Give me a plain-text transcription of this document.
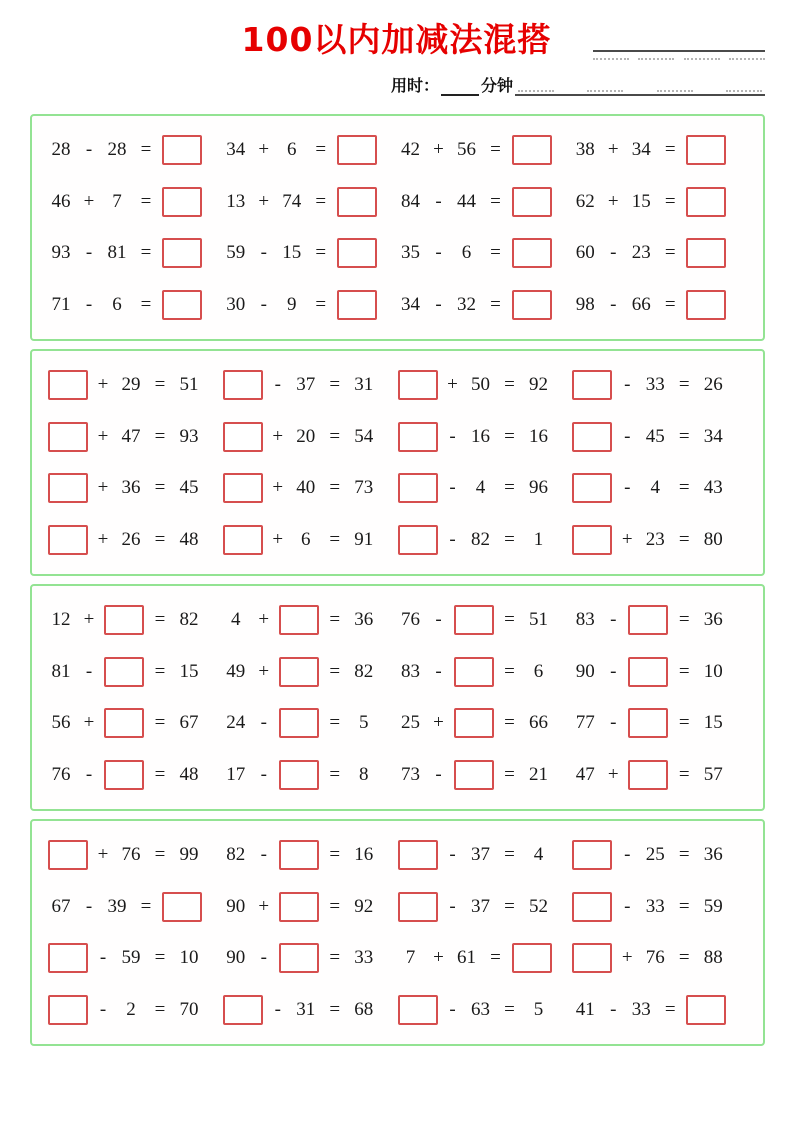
100以内加减法混搭
用时：	分钟
28 - 28 =	34 + 6 =	42 + 56 =	38 + 34 =
46 + 7 =	13 + 74 =	84 - 44 =	62 + 15 =
93 - 81 =	59 - 15 =	35 -	6 =	60 - 23 =
71 -	6 =	30 -	9 =	34 - 32 =	98 - 66 =
+ 29 = 51	- 37 = 31	+ 50 = 92	- 33 = 26
+ 47 = 93	+ 20 = 54	- 16 = 16	- 45 = 34
+ 36 = 45	+ 40 = 73	-	4 = 96	-	4 = 43
+ 26 = 48	+ 6 = 91	- 82 = 1	+ 23 = 80
12 +	= 82	4 +	= 36 76 -	= 51 83 -	= 36
81 -	= 15 49 +	= 82 83 -	= 6	90 -	= 10
56 +	= 67 24 -	= 5	25 +	= 66 77 -	= 15
76 -	= 48 17 -	= 8	73 -	= 21 47 +	= 57
+ 76 = 99 82 -	= 16	- 37 = 4	- 25 = 36
67 - 39 =	90 +	= 92	- 37 = 52	- 33 = 59
- 59 = 10 90 -	= 33	7 + 61 =	+ 76 = 88
-	2 = 70	- 31 = 68	- 63 = 5	41 - 33 =
